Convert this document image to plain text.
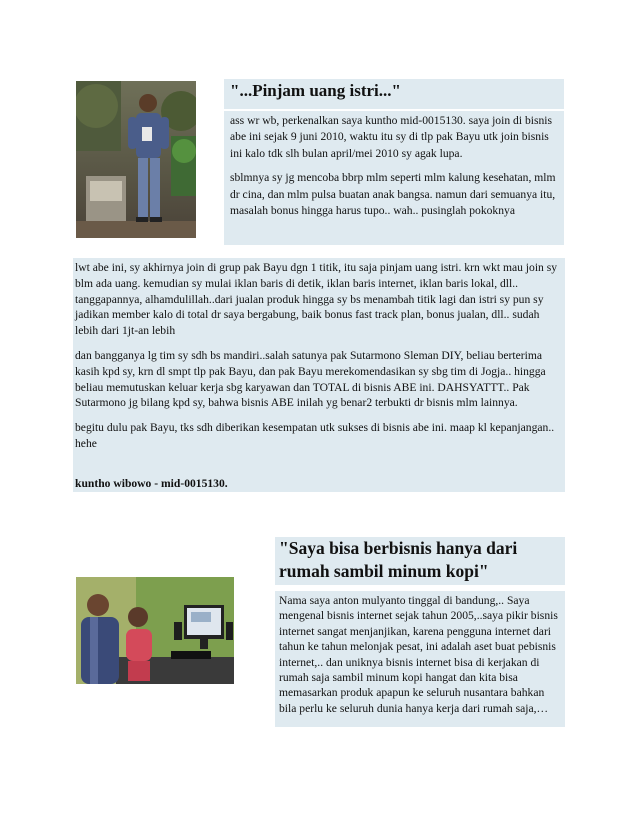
"...Pinjam uang istri..."

ass wr wb, perkenalkan saya kuntho mid-0015130. saya join di bisnis abe ini sejak 9 juni 2010, waktu itu sy di tlp pak Bayu utk join bisnis ini kalo tdk slh bulan april/mei 2010 sy agak lupa.

sblmnya sy jg mencoba bbrp mlm seperti mlm kalung kesehatan, mlm dr cina, dan mlm pulsa buatan anak bangsa. namun dari semuanya itu, masalah bonus hingga harus tupo.. wah.. pusinglah pokoknya

lwt abe ini, sy akhirnya join di grup pak Bayu dgn 1 titik, itu saja pinjam uang istri. krn wkt mau join sy blm ada uang. kemudian sy mulai iklan baris di detik, iklan baris internet, iklan baris lokal, dll.. tanggapannya, alhamdulillah..dari jualan produk hingga sy bs menambah titik lagi dan istri sy pun sy jadikan member kalo di total dr saya bergabung, baik bonus fast track plan, bonus jualan, dll.. sudah lebih dari 1jt-an lebih

dan bangganya lg tim sy sdh bs mandiri..salah satunya pak Sutarmono Sleman DIY, beliau berterima kasih kpd sy, krn dl smpt tlp pak Bayu, dan pak Bayu merekomendasikan sy sbg tim di Jogja.. hingga beliau memutuskan keluar kerja sbg karyawan dan TOTAL di bisnis ABE ini. DAHSYATTT.. Pak Sutarmono jg bilang kpd sy, bahwa bisnis ABE inilah yg benar2 terbukti dr bisnis mlm lainnya.

begitu dulu pak Bayu, tks sdh diberikan kesempatan utk sukses di bisnis abe ini. maap kl kepanjangan.. hehe

kuntho wibowo - mid-0015130.
"Saya bisa berbisnis hanya dari rumah sambil minum kopi"
Nama saya anton mulyanto tinggal di bandung,.. Saya mengenal bisnis internet sejak tahun 2005,..saya pikir bisnis internet sangat menjanjikan, karena pengguna internet dari tahun ke tahun melonjak pesat, ini adalah aset buat pebisnis internet,.. dan uniknya bisnis internet bisa di kerjakan di rumah saja sambil minum kopi hangat dan kita bisa memasarkan produk apapun ke seluruh nusantara bahkan bila perlu ke seluruh dunia hanya kerja dari rumah saja,…
